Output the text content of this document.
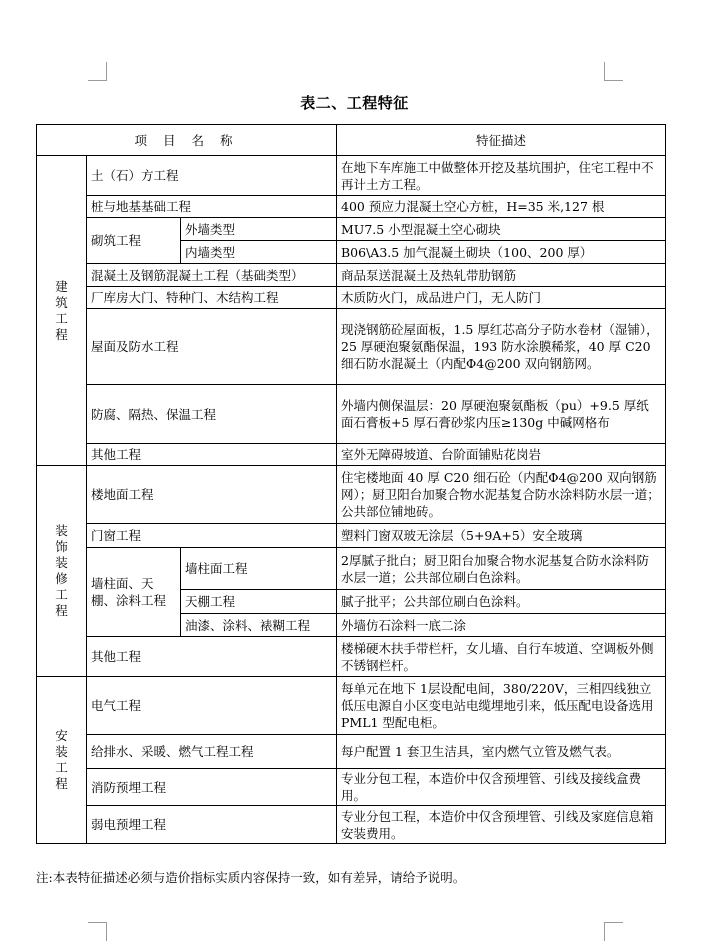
表二、工程特征
项 目 名 称			特征描述
建筑工程	土（石）方工程		在地下车库施工中做整体开挖及基坑围护，住宅工程中不再计土方工程。
	桩与地基基础工程		400 预应力混凝土空心方桩，H=35 米,127 根
	砌筑工程	外墙类型	MU7.5 小型混凝土空心砌块
		内墙类型	B06\A3.5 加气混凝土砌块（100、200 厚）
	混凝土及钢筋混凝土工程（基础类型）		商品泵送混凝土及热轧带肋钢筋
	厂库房大门、特种门、木结构工程		木质防火门，成品进户门，无人防门
	屋面及防水工程		现浇钢筋砼屋面板，1.5 厚红芯高分子防水卷材（湿铺），25 厚硬泡聚氨酯保温，193 防水涂膜稀浆，40 厚 C20 细石防水混凝土（内配Φ4@200 双向钢筋网。
	防腐、隔热、保温工程		外墙内侧保温层：20 厚硬泡聚氨酯板（pu）+9.5 厚纸面石膏板+5 厚石膏砂浆内压≥130g 中碱网格布
	其他工程		室外无障碍坡道、台阶面铺贴花岗岩
装饰装修工程	楼地面工程		住宅楼地面 40 厚 C20 细石砼（内配Φ4@200 双向钢筋网）；厨卫阳台加聚合物水泥基复合防水涂料防水层一道；公共部位铺地砖。
	门窗工程		塑料门窗双玻无涂层（5+9A+5）安全玻璃
	墙柱面、天棚、涂料工程	墙柱面工程	2厚腻子批白；厨卫阳台加聚合物水泥基复合防水涂料防水层一道；公共部位刷白色涂料。
		天棚工程	腻子批平；公共部位刷白色涂料。
		油漆、涂料、裱糊工程	外墙仿石涂料一底二涂
	其他工程		楼梯硬木扶手带栏杆，女儿墙、自行车坡道、空调板外侧不锈钢栏杆。
安装工程	电气工程		每单元在地下 1层设配电间，380/220V，三相四线独立低压电源自小区变电站电缆埋地引来，低压配电设备选用PML1 型配电柜。
	给排水、采暖、燃气工程工程		每户配置 1 套卫生洁具，室内燃气立管及燃气表。
	消防预埋工程		专业分包工程，本造价中仅含预埋管、引线及接线盒费用。
	弱电预埋工程		专业分包工程，本造价中仅含预埋管、引线及家庭信息箱安装费用。
注:本表特征描述必须与造价指标实质内容保持一致，如有差异，请给予说明。
